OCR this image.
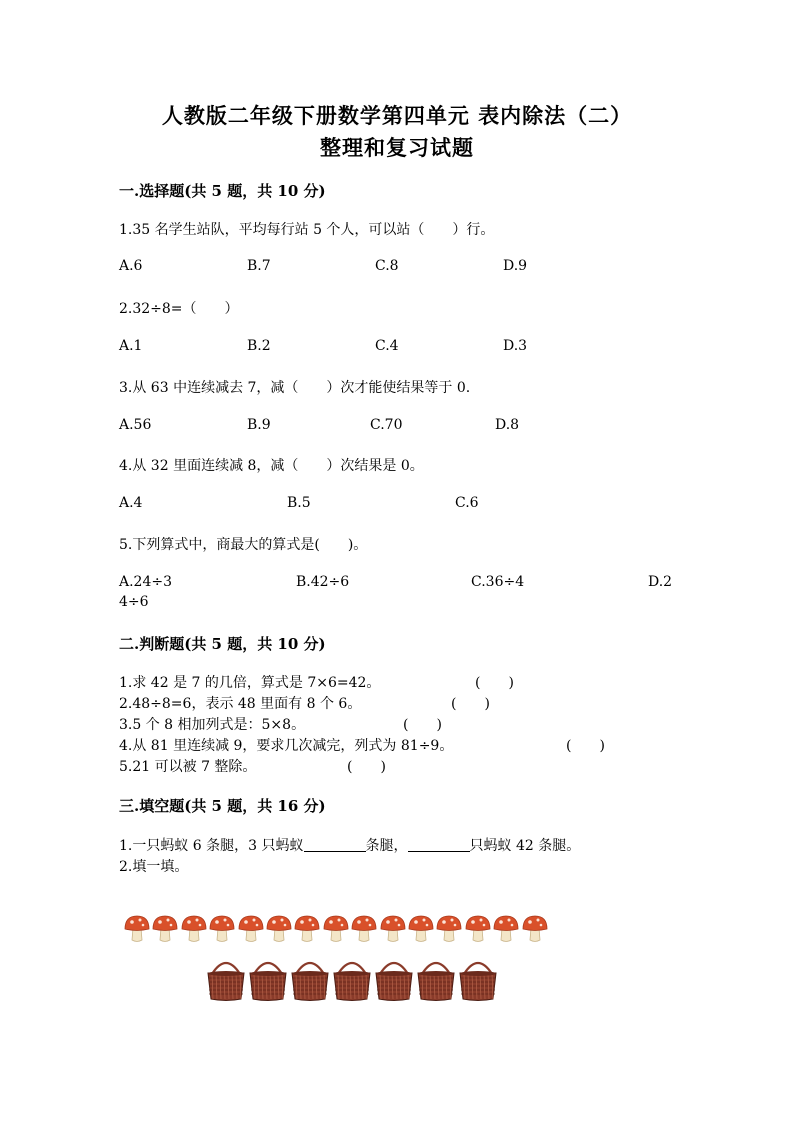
人教版二年级下册数学第四单元 表内除法（二）
整理和复习试题
一.选择题(共 5 题，共 10 分)
1.35 名学生站队，平均每行站 5 个人，可以站（　　）行。
A.6	B.7	C.8	D.9
2.32÷8=（　　）
A.1	B.2	C.4	D.3
3.从 63 中连续减去 7，减（　　）次才能使结果等于 0.
A.56	B.9	C.70	D.8
4.从 32 里面连续减 8，减（　　）次结果是 0。
A.4	B.5	C.6
5.下列算式中，商最大的算式是(　　)。
A.24÷3	B.42÷6	C.36÷4	D.2
4÷6
二.判断题(共 5 题，共 10 分)
1.求 42 是 7 的几倍，算式是 7×6=42。	(　　)
2.48÷8=6，表示 48 里面有 8 个 6。	(　　)
3.5 个 8 相加列式是：5×8。	(　　)
4.从 81 里连续减 9，要求几次减完，列式为 81÷9。	(　　)
5.21 可以被 7 整除。	(　　)
三.填空题(共 5 题，共 16 分)
1.一只蚂蚁 6 条腿，3 只蚂蚁	条腿，	只蚂蚁 42 条腿。
2.填一填。
